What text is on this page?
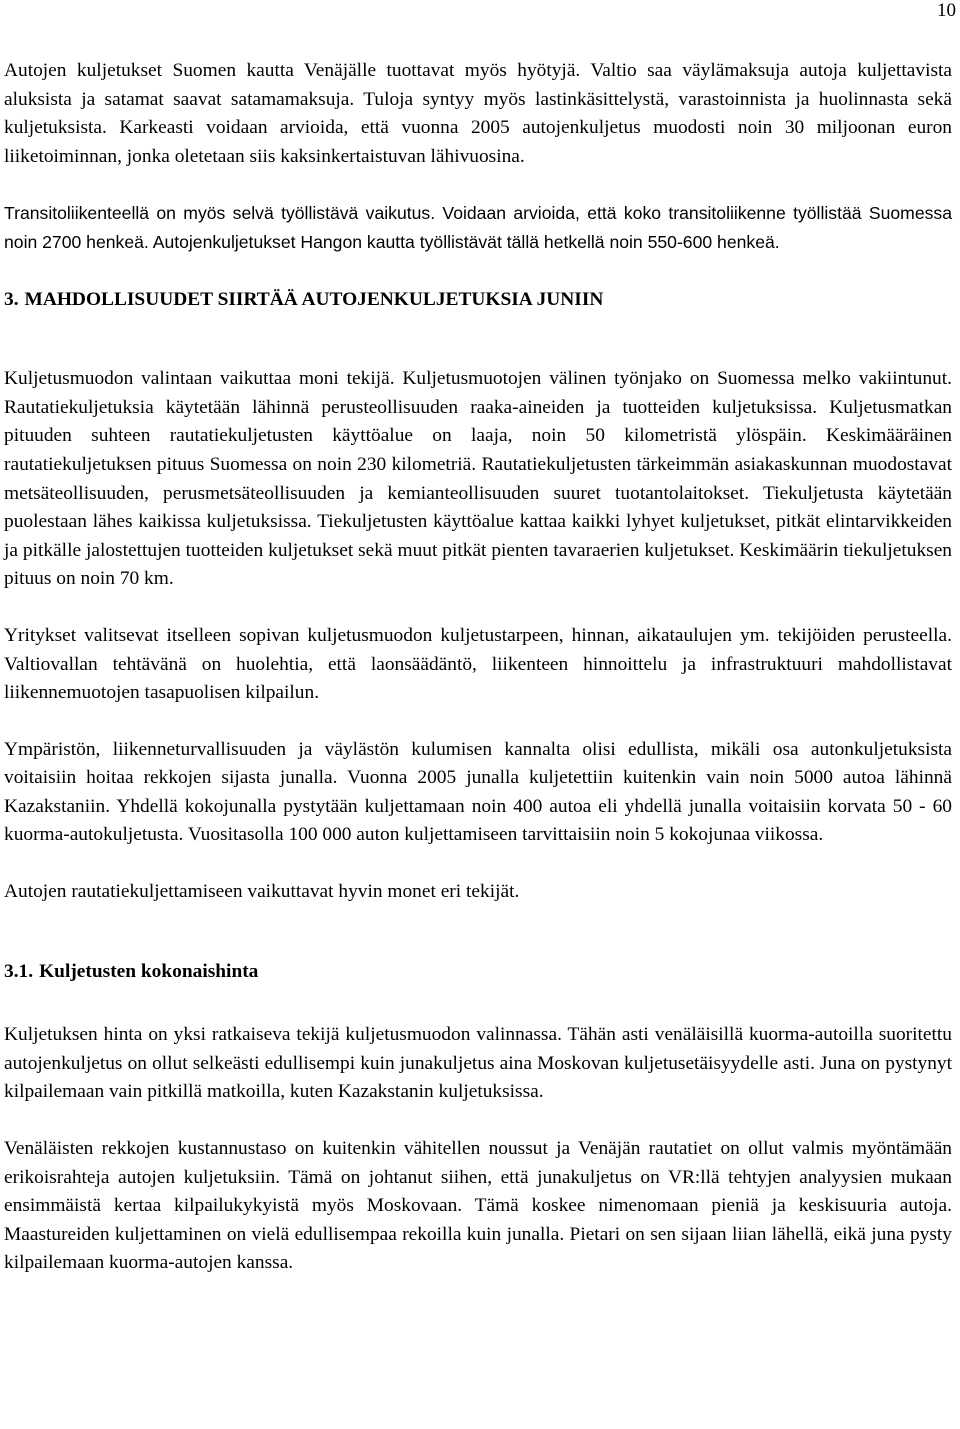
10

Autojen kuljetukset Suomen kautta Venäjälle tuottavat myös hyötyjä. Valtio saa väylämaksuja autoja kuljettavista aluksista ja satamat saavat satamamaksuja. Tuloja syntyy myös lastinkäsittelystä, varastoinnista ja huolinnasta sekä kuljetuksista. Karkeasti voidaan arvioida, että vuonna 2005 autojenkuljetus muodosti noin 30 miljoonan euron liiketoiminnan, jonka oletetaan siis kaksinkertaistuvan lähivuosina.

Transitoliikenteellä on myös selvä työllistävä vaikutus. Voidaan arvioida, että koko transitoliikenne työllistää Suomessa noin 2700 henkeä. Autojenkuljetukset Hangon kautta työllistävät tällä hetkellä noin 550-600 henkeä.

3. MAHDOLLISUUDET SIIRTÄÄ AUTOJENKULJETUKSIA JUNIIN

Kuljetusmuodon valintaan vaikuttaa moni tekijä. Kuljetusmuotojen välinen työnjako on Suomessa melko vakiintunut. Rautatiekuljetuksia käytetään lähinnä perusteollisuuden raaka-aineiden ja tuotteiden kuljetuksissa. Kuljetusmatkan pituuden suhteen rautatiekuljetusten käyttöalue on laaja, noin 50 kilometristä ylöspäin. Keskimääräinen rautatiekuljetuksen pituus Suomessa on noin 230 kilometriä. Rautatiekuljetusten tärkeimmän asiakaskunnan muodostavat metsäteollisuuden, perusmetsäteollisuuden ja kemianteollisuuden suuret tuotantolaitokset. Tiekuljetusta käytetään puolestaan lähes kaikissa kuljetuksissa. Tiekuljetusten käyttöalue kattaa kaikki lyhyet kuljetukset, pitkät elintarvikkeiden ja pitkälle jalostettujen tuotteiden kuljetukset sekä muut pitkät pienten tavaraerien kuljetukset. Keskimäärin tiekuljetuksen pituus on noin 70 km.

Yritykset valitsevat itselleen sopivan kuljetusmuodon kuljetustarpeen, hinnan, aikataulujen ym. tekijöiden perusteella. Valtiovallan tehtävänä on huolehtia, että laonsäädäntö, liikenteen hinnoittelu ja infrastruktuuri mahdollistavat liikennemuotojen tasapuolisen kilpailun.

Ympäristön, liikenneturvallisuuden ja väylästön kulumisen kannalta olisi edullista, mikäli osa autonkuljetuksista voitaisiin hoitaa rekkojen sijasta junalla. Vuonna 2005 junalla kuljetettiin kuitenkin vain noin 5000 autoa lähinnä Kazakstaniin. Yhdellä kokojunalla pystytään kuljettamaan noin 400 autoa eli yhdellä junalla voitaisiin korvata 50 - 60 kuorma-autokuljetusta. Vuositasolla 100 000 auton kuljettamiseen tarvittaisiin noin 5 kokojunaa viikossa.

Autojen rautatiekuljettamiseen vaikuttavat hyvin monet eri tekijät.

3.1. Kuljetusten kokonaishinta

Kuljetuksen hinta on yksi ratkaiseva tekijä kuljetusmuodon valinnassa. Tähän asti venäläisillä kuorma-autoilla suoritettu autojenkuljetus on ollut selkeästi edullisempi kuin junakuljetus aina Moskovan kuljetusetäisyydelle asti. Juna on pystynyt kilpailemaan vain pitkillä matkoilla, kuten Kazakstanin kuljetuksissa.

Venäläisten rekkojen kustannustaso on kuitenkin vähitellen noussut ja Venäjän rautatiet on ollut valmis myöntämään erikoisrahteja autojen kuljetuksiin. Tämä on johtanut siihen, että junakuljetus on VR:llä tehtyjen analyysien mukaan ensimmäistä kertaa kilpailukykyistä myös Moskovaan. Tämä koskee nimenomaan pieniä ja keskisuuria autoja. Maastureiden kuljettaminen on vielä edullisempaa rekoilla kuin junalla. Pietari on sen sijaan liian lähellä, eikä juna pysty kilpailemaan kuorma-autojen kanssa.
